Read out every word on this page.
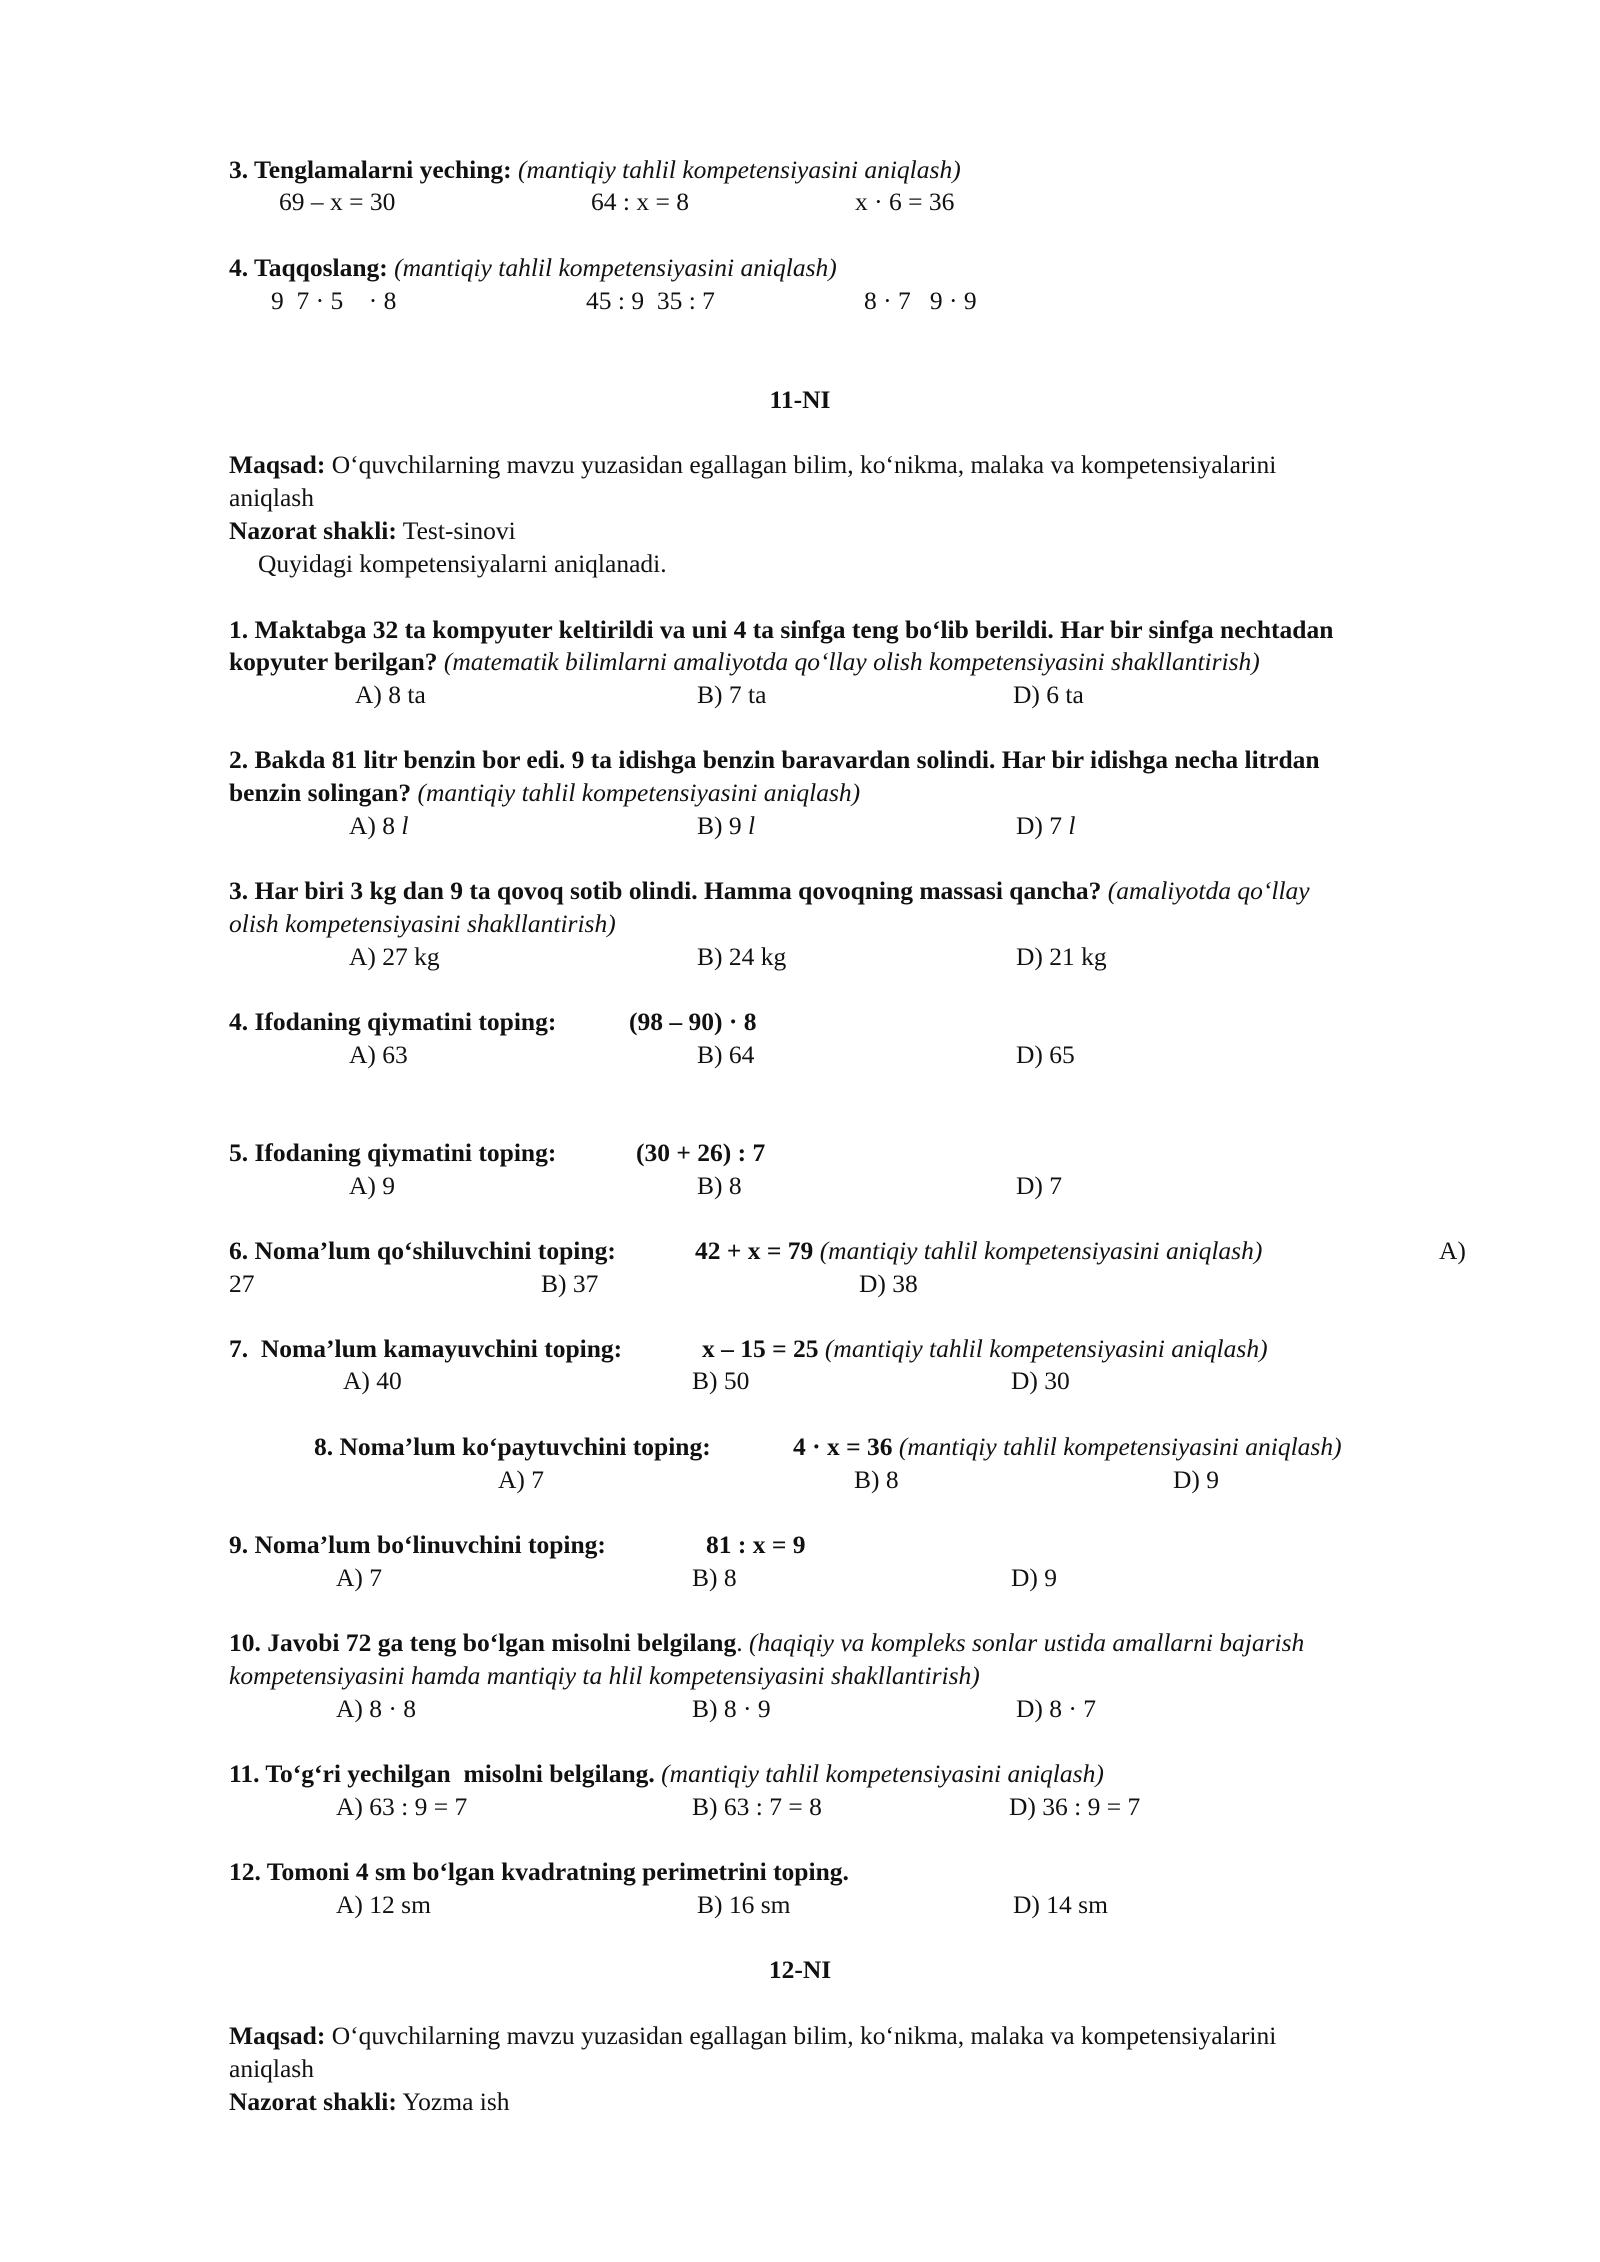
3. Tenglamalarni yeching: (mantiqiy tahlil kompetensiyasini aniqlash)
69 – x = 30	64 : x = 8	x · 6 = 36
4. Taqqoslang: (mantiqiy tahlil kompetensiyasini aniqlash)
9  7 · 5    · 8	45 : 9  35 : 7	8 · 7   9 · 9
11-NI
Maqsad: O‘quvchilarning mavzu yuzasidan egallagan bilim, ko‘nikma, malaka va kompetensiyalarini
aniqlash
Nazorat shakli: Test-sinovi
Quyidagi kompetensiyalarni aniqlanadi.
1. Maktabga 32 ta kompyuter keltirildi va uni 4 ta sinfga teng bo‘lib berildi. Har bir sinfga nechtadan
kopyuter berilgan? (matematik bilimlarni amaliyotda qo‘llay olish kompetensiyasini shakllantirish)
A) 8 ta	B) 7 ta	D) 6 ta
2. Bakda 81 litr benzin bor edi. 9 ta idishga benzin baravardan solindi. Har bir idishga necha litrdan
benzin solingan? (mantiqiy tahlil kompetensiyasini aniqlash)
A) 8 l	B) 9 l	D) 7 l
3. Har biri 3 kg dan 9 ta qovoq sotib olindi. Hamma qovoqning massasi qancha? (amaliyotda qo‘llay
olish kompetensiyasini shakllantirish)
A) 27 kg	B) 24 kg	D) 21 kg
4. Ifodaning qiymatini toping:	(98 – 90) · 8
A) 63	B) 64	D) 65
5. Ifodaning qiymatini toping:	(30 + 26) : 7
A) 9	B) 8	D) 7
6. Noma’lum qo‘shiluvchini toping:	42 + x = 79 (mantiqiy tahlil kompetensiyasini aniqlash)	A)
27	B) 37	D) 38
7.  Noma’lum kamayuvchini toping:	x – 15 = 25 (mantiqiy tahlil kompetensiyasini aniqlash)
A) 40	B) 50	D) 30
8. Noma’lum ko‘paytuvchini toping:	4 · x = 36 (mantiqiy tahlil kompetensiyasini aniqlash)
A) 7	B) 8	D) 9
9. Noma’lum bo‘linuvchini toping:	81 : x = 9
A) 7	B) 8	D) 9
10. Javobi 72 ga teng bo‘lgan misolni belgilang. (haqiqiy va kompleks sonlar ustida amallarni bajarish
kompetensiyasini hamda mantiqiy ta hlil kompetensiyasini shakllantirish)
A) 8 · 8	B) 8 · 9	D) 8 · 7
11. To‘g‘ri yechilgan  misolni belgilang. (mantiqiy tahlil kompetensiyasini aniqlash)
A) 63 : 9 = 7	B) 63 : 7 = 8	D) 36 : 9 = 7
12. Tomoni 4 sm bo‘lgan kvadratning perimetrini toping.
A) 12 sm	B) 16 sm	D) 14 sm
12-NI
Maqsad: O‘quvchilarning mavzu yuzasidan egallagan bilim, ko‘nikma, malaka va kompetensiyalarini
aniqlash
Nazorat shakli: Yozma ish
